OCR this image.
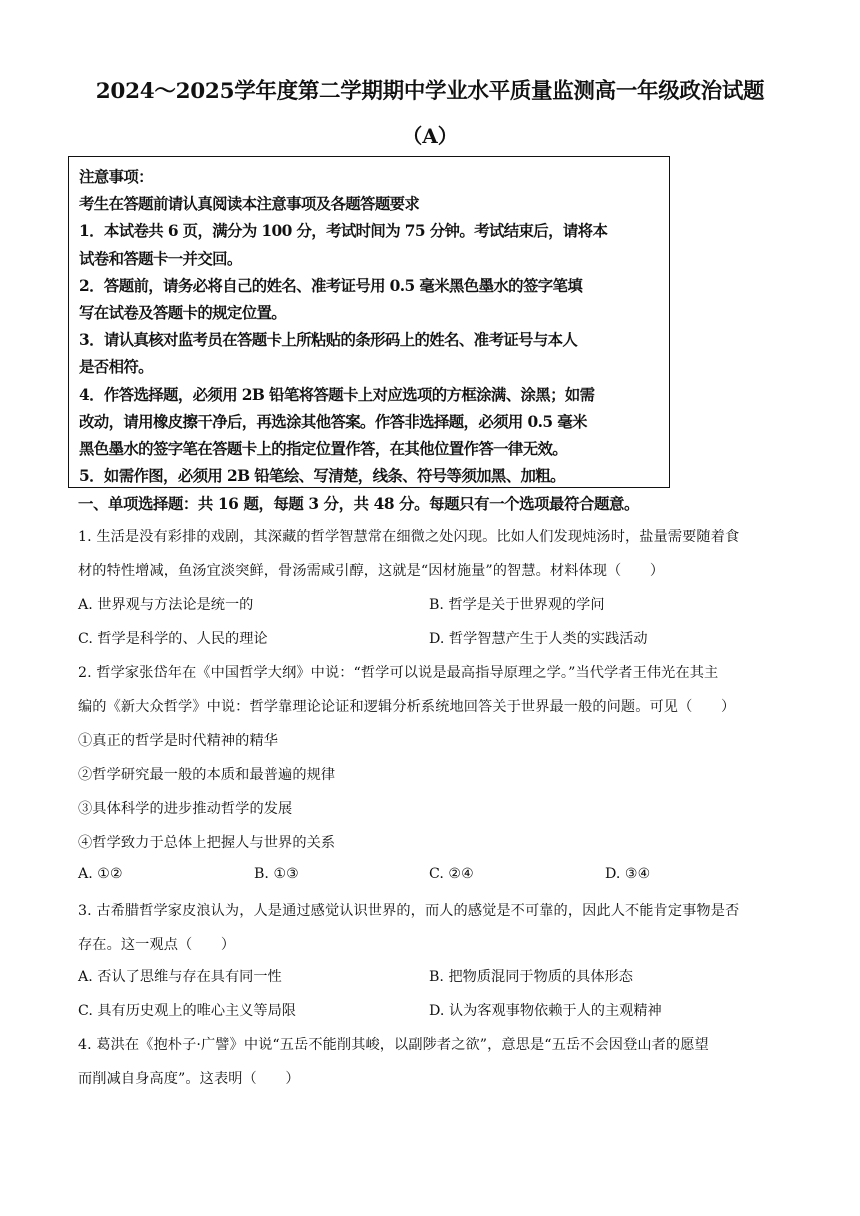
2024～2025学年度第二学期期中学业水平质量监测高一年级政治试题
（A）
注意事项：
考生在答题前请认真阅读本注意事项及各题答题要求
1．本试卷共 6 页，满分为 100 分，考试时间为 75 分钟。考试结束后，请将本
试卷和答题卡一并交回。
2．答题前，请务必将自己的姓名、准考证号用 0.5 毫米黑色墨水的签字笔填
写在试卷及答题卡的规定位置。
3．请认真核对监考员在答题卡上所粘贴的条形码上的姓名、准考证号与本人
是否相符。
4．作答选择题，必须用 2B 铅笔将答题卡上对应选项的方框涂满、涂黑；如需
改动，请用橡皮擦干净后，再选涂其他答案。作答非选择题，必须用 0.5 毫米
黑色墨水的签字笔在答题卡上的指定位置作答，在其他位置作答一律无效。
5．如需作图，必须用 2B 铅笔绘、写清楚，线条、符号等须加黑、加粗。
一、单项选择题：共 16 题，每题 3 分，共 48 分。每题只有一个选项最符合题意。
1. 生活是没有彩排的戏剧，其深藏的哲学智慧常在细微之处闪现。比如人们发现炖汤时，盐量需要随着食
材的特性增减，鱼汤宜淡突鲜，骨汤需咸引醇，这就是“因材施量”的智慧。材料体现（　　）
A. 世界观与方法论是统一的	B. 哲学是关于世界观的学问
C. 哲学是科学的、人民的理论	D. 哲学智慧产生于人类的实践活动
2. 哲学家张岱年在《中国哲学大纲》中说：“哲学可以说是最高指导原理之学。”当代学者王伟光在其主
编的《新大众哲学》中说：哲学靠理论论证和逻辑分析系统地回答关于世界最一般的问题。可见（　　）
①真正的哲学是时代精神的精华
②哲学研究最一般的本质和最普遍的规律
③具体科学的进步推动哲学的发展
④哲学致力于总体上把握人与世界的关系
A. ①②	B. ①③	C. ②④	D. ③④
3. 古希腊哲学家皮浪认为，人是通过感觉认识世界的，而人的感觉是不可靠的，因此人不能肯定事物是否
存在。这一观点（　　）
A. 否认了思维与存在具有同一性	B. 把物质混同于物质的具体形态
C. 具有历史观上的唯心主义等局限	D. 认为客观事物依赖于人的主观精神
4. 葛洪在《抱朴子·广譬》中说“五岳不能削其峻，以副陟者之欲”，意思是“五岳不会因登山者的愿望
而削减自身高度”。这表明（　　）
